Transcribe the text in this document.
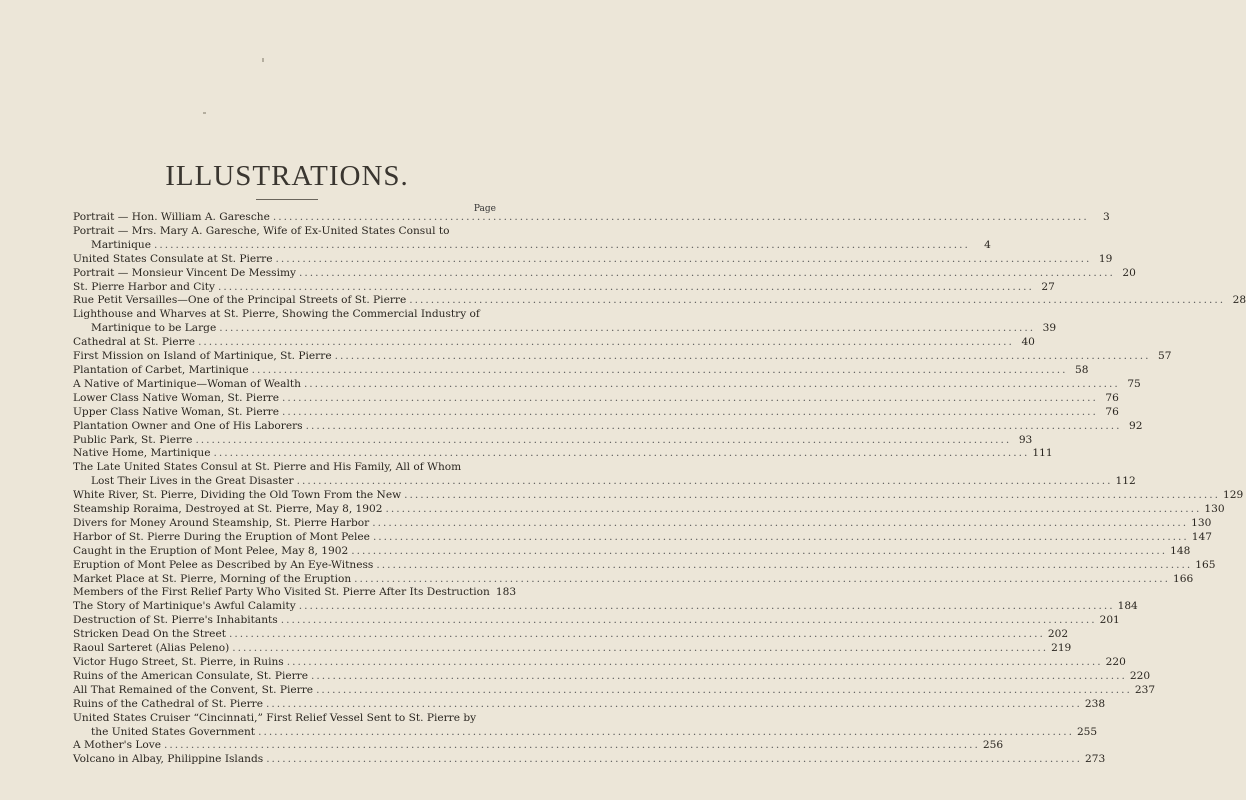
ILLUSTRATIONS.
Page
Portrait — Hon. William A. Garesche .....	3
Portrait — Mrs. Mary A. Garesche, Wife of Ex-United States Consul to
Martinique .....	4
United States Consulate at St. Pierre .....	19
Portrait — Monsieur Vincent De Messimy .....	20
St. Pierre Harbor and City .....	27
Rue Petit Versailles—One of the Principal Streets of St. Pierre .....	28
Lighthouse and Wharves at St. Pierre, Showing the Commercial Industry of
Martinique to be Large .....	39
Cathedral at St. Pierre .....	40
First Mission on Island of Martinique, St. Pierre .....	57
Plantation of Carbet, Martinique .....	58
A Native of Martinique—Woman of Wealth .....	75
Lower Class Native Woman, St. Pierre .....	76
Upper Class Native Woman, St. Pierre .....	76
Plantation Owner and One of His Laborers .....	92
Public Park, St. Pierre .....	93
Native Home, Martinique .....	111
The Late United States Consul at St. Pierre and His Family, All of Whom
Lost Their Lives in the Great Disaster .....	112
White River, St. Pierre, Dividing the Old Town From the New .....	129
Steamship Roraima, Destroyed at St. Pierre, May 8, 1902 .....	130
Divers for Money Around Steamship, St. Pierre Harbor .....	130
Harbor of St. Pierre During the Eruption of Mont Pelee .....	147
Caught in the Eruption of Mont Pelee, May 8, 1902 .....	148
Eruption of Mont Pelee as Described by An Eye-Witness .....	165
Market Place at St. Pierre, Morning of the Eruption .....	166
Members of the First Relief Party Who Visited St. Pierre After Its Destruction 183
The Story of Martinique's Awful Calamity .....	184
Destruction of St. Pierre's Inhabitants .....	201
Stricken Dead On the Street .....	202
Raoul Sarteret (Alias Peleno) .....	219
Victor Hugo Street, St. Pierre, in Ruins .....	220
Ruins of the American Consulate, St. Pierre .....	220
All That Remained of the Convent, St. Pierre .....	237
Ruins of the Cathedral of St. Pierre .....	238
United States Cruiser “Cincinnati,” First Relief Vessel Sent to St. Pierre by
the United States Government .....	255
A Mother's Love .....	256
Volcano in Albay, Philippine Islands .....	273
